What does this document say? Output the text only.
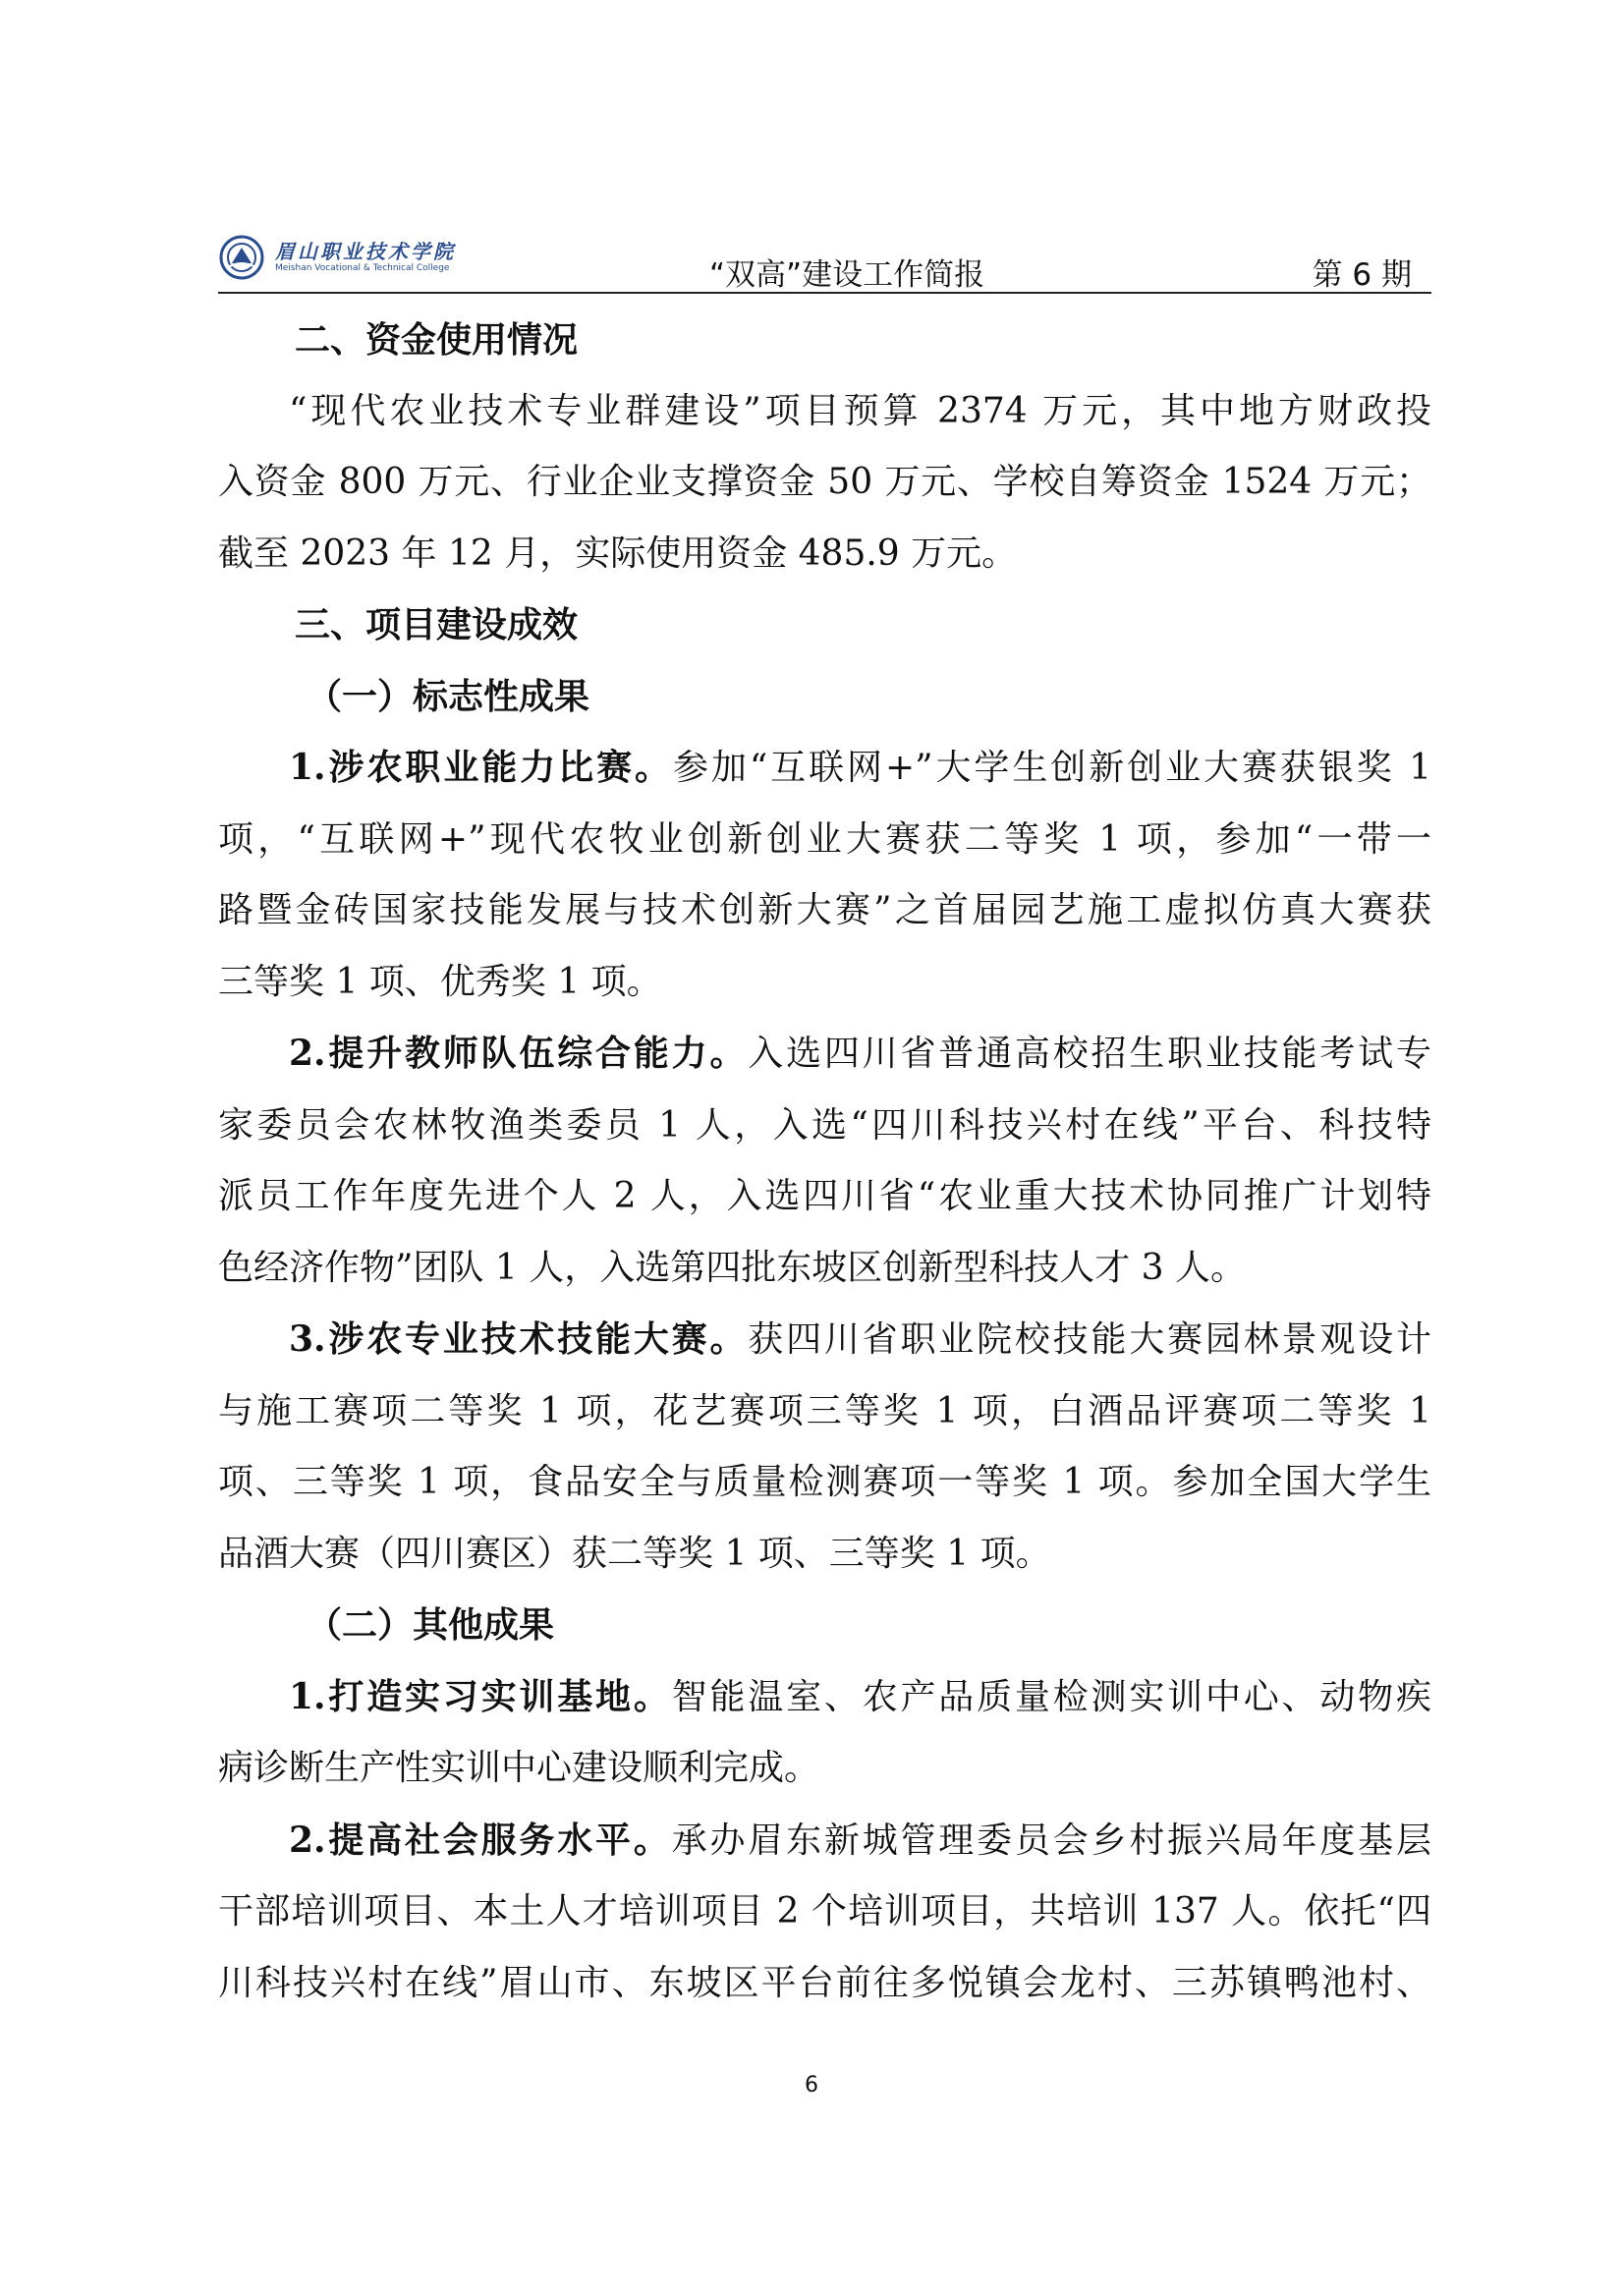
眉山职业技术学院
Meishan Vocational & Technical College	“双高”建设工作简报	第 6 期
二、资金使用情况
“现代农业技术专业群建设”项目预算 2374 万元，其中地方财政投
入资金 800 万元、行业企业支撑资金 50 万元、学校自筹资金 1524 万元；
截至 2023 年 12 月，实际使用资金 485.9 万元。
三、项目建设成效
（一）标志性成果
1.涉农职业能力比赛。参加“互联网+”大学生创新创业大赛获银奖 1
项，“互联网+”现代农牧业创新创业大赛获二等奖 1 项，参加“一带一
路暨金砖国家技能发展与技术创新大赛”之首届园艺施工虚拟仿真大赛获
三等奖 1 项、优秀奖 1 项。
2.提升教师队伍综合能力。入选四川省普通高校招生职业技能考试专
家委员会农林牧渔类委员 1 人，入选“四川科技兴村在线”平台、科技特
派员工作年度先进个人 2 人，入选四川省“农业重大技术协同推广计划特
色经济作物”团队 1 人，入选第四批东坡区创新型科技人才 3 人。
3.涉农专业技术技能大赛。获四川省职业院校技能大赛园林景观设计
与施工赛项二等奖 1 项，花艺赛项三等奖 1 项，白酒品评赛项二等奖 1
项、三等奖 1 项，食品安全与质量检测赛项一等奖 1 项。参加全国大学生
品酒大赛（四川赛区）获二等奖 1 项、三等奖 1 项。
（二）其他成果
1.打造实习实训基地。智能温室、农产品质量检测实训中心、动物疾
病诊断生产性实训中心建设顺利完成。
2.提高社会服务水平。承办眉东新城管理委员会乡村振兴局年度基层
干部培训项目、本土人才培训项目 2 个培训项目，共培训 137 人。依托“四
川科技兴村在线”眉山市、东坡区平台前往多悦镇会龙村、三苏镇鸭池村、
6
